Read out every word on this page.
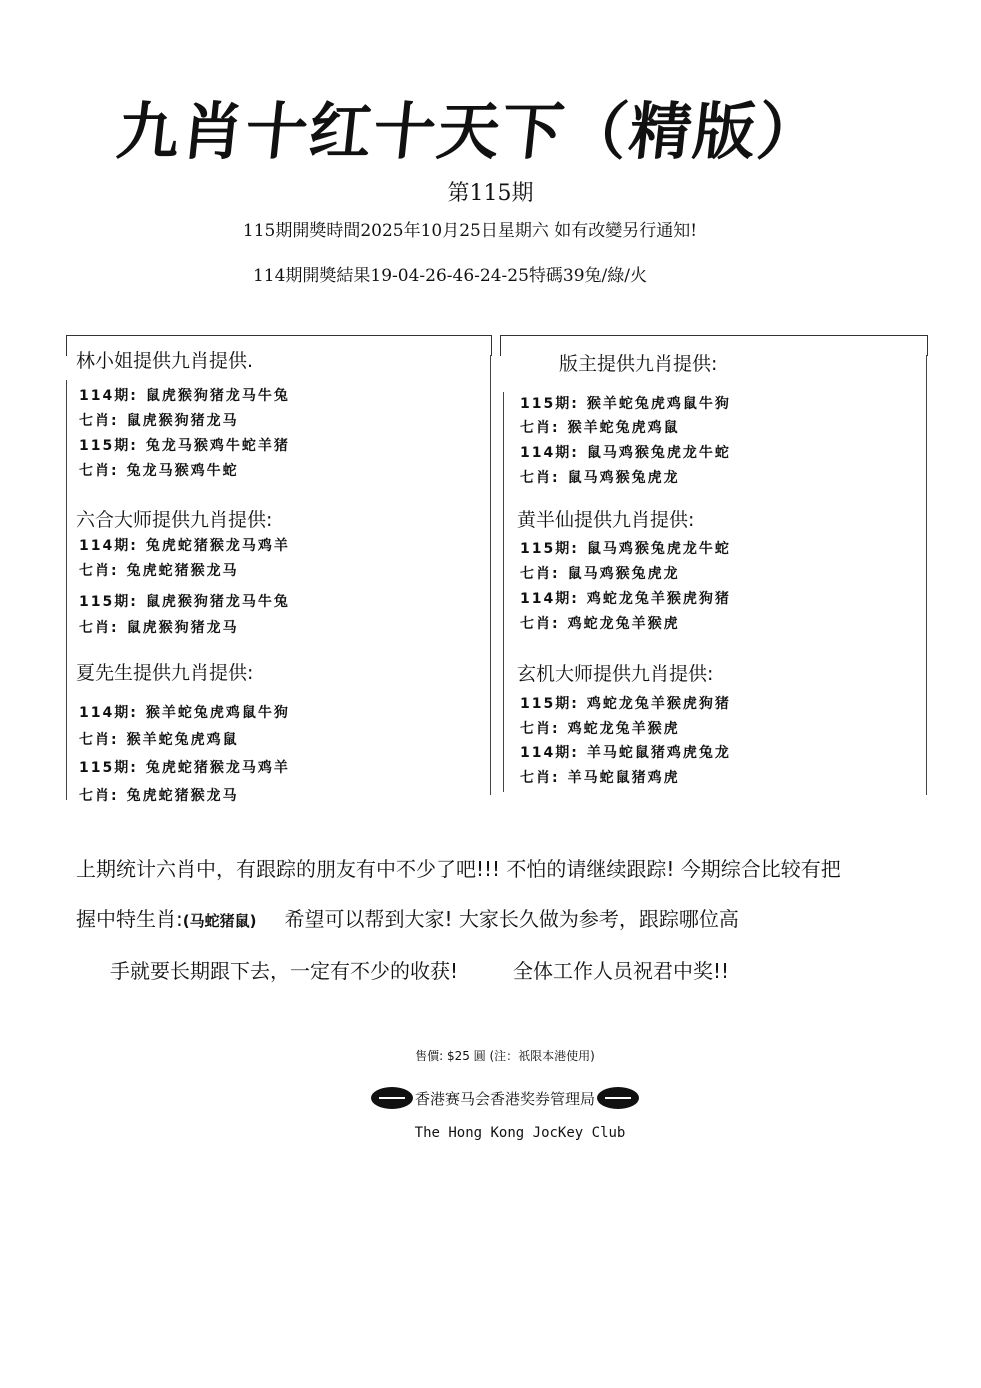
九肖十红十天下（精版）
第115期
115期開獎時間2025年10月25日星期六 如有改變另行通知!
114期開獎結果19-04-26-46-24-25特碼39兔/綠/火
林小姐提供九肖提供.
114期: 鼠虎猴狗猪龙马牛兔
七肖: 鼠虎猴狗猪龙马
115期: 兔龙马猴鸡牛蛇羊猪
七肖: 兔龙马猴鸡牛蛇
六合大师提供九肖提供:
114期: 兔虎蛇猪猴龙马鸡羊
七肖: 兔虎蛇猪猴龙马
115期: 鼠虎猴狗猪龙马牛兔
七肖: 鼠虎猴狗猪龙马
夏先生提供九肖提供:
114期: 猴羊蛇兔虎鸡鼠牛狗
七肖: 猴羊蛇兔虎鸡鼠
115期: 兔虎蛇猪猴龙马鸡羊
七肖: 兔虎蛇猪猴龙马
版主提供九肖提供:
115期: 猴羊蛇兔虎鸡鼠牛狗
七肖: 猴羊蛇兔虎鸡鼠
114期: 鼠马鸡猴兔虎龙牛蛇
七肖: 鼠马鸡猴兔虎龙
黄半仙提供九肖提供:
115期: 鼠马鸡猴兔虎龙牛蛇
七肖: 鼠马鸡猴兔虎龙
114期: 鸡蛇龙兔羊猴虎狗猪
七肖: 鸡蛇龙兔羊猴虎
玄机大师提供九肖提供:
115期: 鸡蛇龙兔羊猴虎狗猪
七肖: 鸡蛇龙兔羊猴虎
114期: 羊马蛇鼠猪鸡虎兔龙
七肖: 羊马蛇鼠猪鸡虎
上期统计六肖中，有跟踪的朋友有中不少了吧!!! 不怕的请继续跟踪! 今期综合比较有把
握中特生肖:(马蛇猪鼠) 希望可以帮到大家! 大家长久做为参考，跟踪哪位高
手就要长期跟下去，一定有不少的收获!	全体工作人员祝君中奖!!
售價: $25 圓 (注：祇限本港使用)
香港赛马会香港奖券管理局
The Hong Kong JocKey Club
